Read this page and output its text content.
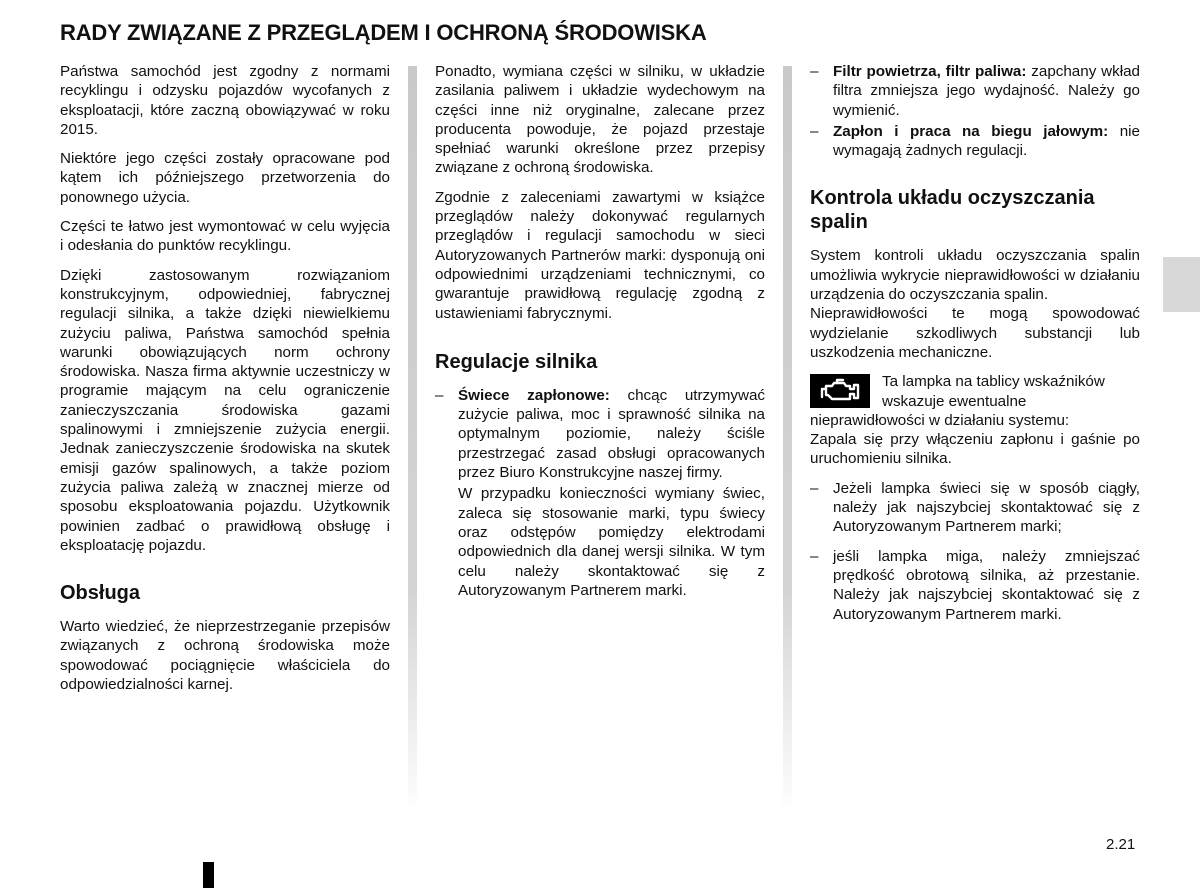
RADY ZWIĄZANE Z PRZEGLĄDEM I OCHRONĄ ŚRODOWISKA

Państwa samochód jest zgodny z normami recyklingu i odzysku pojazdów wycofanych z eksploatacji, które zaczną obowiązywać w roku 2015.

Niektóre jego części zostały opracowane pod kątem ich późniejszego przetworzenia do ponownego użycia.

Części te łatwo jest wymontować w celu wyjęcia i odesłania do punktów recyklingu.

Dzięki zastosowanym rozwiązaniom konstrukcyjnym, odpowiedniej, fabrycznej regulacji silnika, a także dzięki niewielkiemu zużyciu paliwa, Państwa samochód spełnia warunki obowiązujących norm ochrony środowiska. Nasza firma aktywnie uczestniczy w programie mającym na celu ograniczenie zanieczyszczania środowiska gazami spalinowymi i zmniejszenie zużycia energii. Jednak zanieczyszczenie środowiska na skutek emisji gazów spalinowych, a także poziom zużycia paliwa zależą w znacznej mierze od sposobu eksploatowania pojazdu. Użytkownik powinien zadbać o prawidłową obsługę i eksploatację pojazdu.

Obsługa

Warto wiedzieć, że nieprzestrzeganie przepisów związanych z ochroną środowiska może spowodować pociągnięcie właściciela do odpowiedzialności karnej.

Ponadto, wymiana części w silniku, w układzie zasilania paliwem i układzie wydechowym na części inne niż oryginalne, zalecane przez producenta powoduje, że pojazd przestaje spełniać warunki określone przez przepisy związane z ochroną środowiska.

Zgodnie z zaleceniami zawartymi w książce przeglądów należy dokonywać regularnych przeglądów i regulacji samochodu w sieci Autoryzowanych Partnerów marki: dysponują oni odpowiednimi urządzeniami technicznymi, co gwarantuje prawidłową regulację zgodną z ustawieniami fabrycznymi.

Regulacje silnika
– Świece zapłonowe: chcąc utrzymywać zużycie paliwa, moc i sprawność silnika na optymalnym poziomie, należy ściśle przestrzegać zasad obsługi opracowanych przez Biuro Konstrukcyjne naszej firmy.

W przypadku konieczności wymiany świec, zaleca się stosowanie marki, typu świecy oraz odstępów pomiędzy elektrodami odpowiednich dla danej wersji silnika. W tym celu należy skontaktować się z Autoryzowanym Partnerem marki.

– Filtr powietrza, filtr paliwa: zapchany wkład filtra zmniejsza jego wydajność. Należy go wymienić.
– Zapłon i praca na biegu jałowym: nie wymagają żadnych regulacji.
Kontrola układu oczyszczania spalin

System kontroli układu oczyszczania spalin umożliwia wykrycie nieprawidłowości w działaniu urządzenia do oczyszczania spalin.

Nieprawidłowości te mogą spowodować wydzielanie szkodliwych substancji lub uszkodzenia mechaniczne.

Ta lampka na tablicy wskaźników wskazuje ewentualne nieprawidłowości w działaniu systemu:

Zapala się przy włączeniu zapłonu i gaśnie po uruchomieniu silnika.

– Jeżeli lampka świeci się w sposób ciągły, należy jak najszybciej skontaktować się z Autoryzowanym Partnerem marki;
– jeśli lampka miga, należy zmniejszać prędkość obrotową silnika, aż przestanie. Należy jak najszybciej skontaktować się z Autoryzowanym Partnerem marki.
2.21
